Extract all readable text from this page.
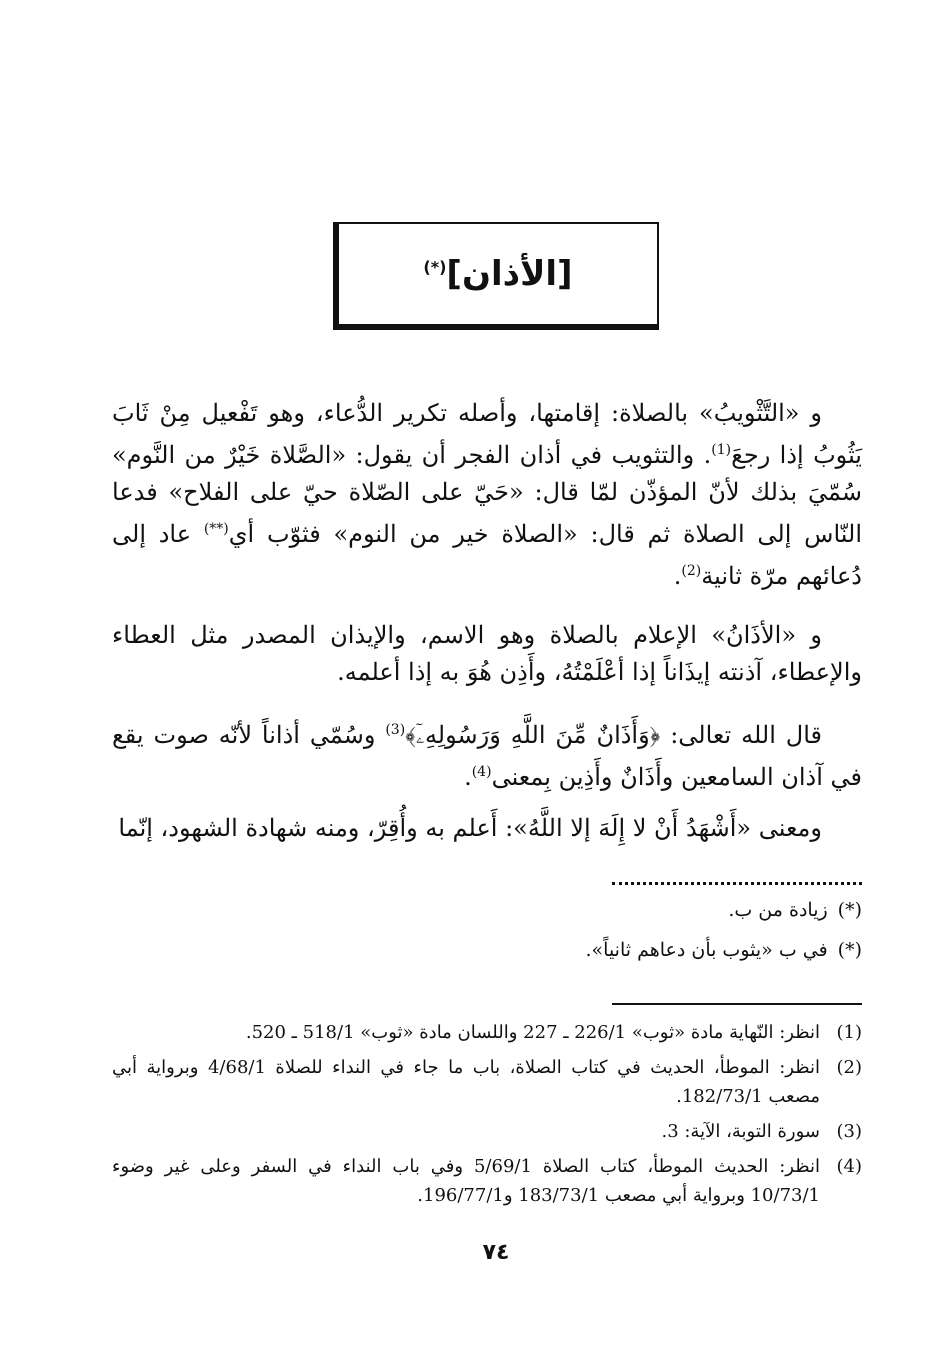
[الأذان](*)

و «التَّثْويبُ» بالصلاة: إقامتها، وأصله تكرير الدُّعاء، وهو تَفْعيل مِنْ ثَابَ يَثُوبُ إذا رجعَ$^{(1)}$. والتثويب في أذان الفجر أن يقول: «الصَّلاة خَيْرٌ من النَّوم» سُمّيَ بذلك لأنّ المؤذّن لمّا قال: «حَيّ على الصّلاة حيّ على الفلاح» فدعا النّاس إلى الصلاة ثم قال: «الصلاة خير من النوم» فثوّب أي(**) عاد إلى دُعائهم مرّة ثانية$^{(2)}$.

و «الأذَانُ» الإعلام بالصلاة وهو الاسم، والإيذان المصدر مثل العطاء والإعطاء، آذنته إيذَاناً إذا أعْلَمْتُهُ، وأَذِن هُوَ به إذا أعلمه.

قال الله تعالى: ﴿وَأَذَانٌ مِّنَ اللَّهِ وَرَسُولِهِۦٓ﴾$^{(3)}$ وسُمّي أذاناً لأنّه صوت يقع في آذان السامعين وأَذَانٌ وأَذِين بِمعنى$^{(4)}$.

ومعنى «أَشْهَدُ أَنْ لا إِلَهَ إلا اللَّهُ»: أَعلم به وأُقِرّ، ومنه شهادة الشهود، إنّما

(*)
زيادة من ب.
(*)
في ب «يثوب بأن دعاهم ثانياً».
(1)
انظر: النّهاية مادة «ثوب» 226/1 ـ 227 واللسان مادة «ثوب» 518/1 ـ 520.
(2)
انظر: الموطأ، الحديث في كتاب الصلاة، باب ما جاء في النداء للصلاة 4/68/1 وبرواية أبي مصعب 182/73/1.
(3)
سورة التوبة، الآية: 3.
(4)
انظر: الحديث الموطأ، كتاب الصلاة 5/69/1 وفي باب النداء في السفر وعلى غير وضوء 10/73/1 وبرواية أبي مصعب 183/73/1 و196/77/1.
٧٤
